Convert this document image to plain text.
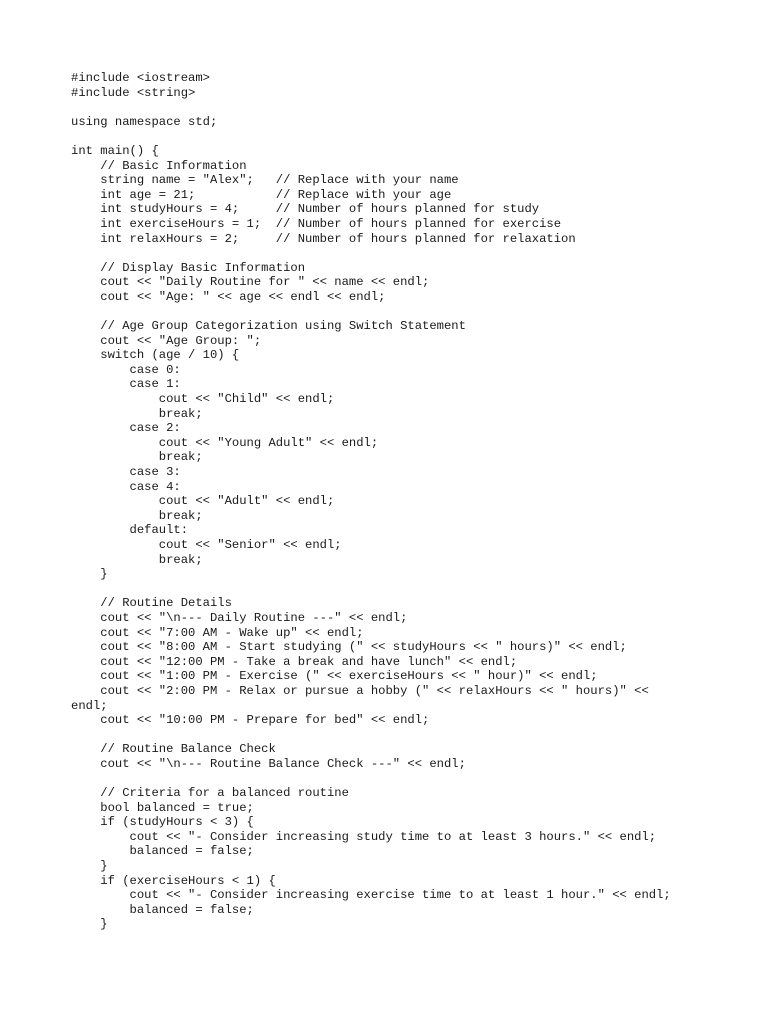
#include <iostream>
#include <string>
using namespace std;
int main() {
// Basic Information
string name = "Alex";   // Replace with your name
int age = 21;           // Replace with your age
int studyHours = 4;     // Number of hours planned for study
int exerciseHours = 1;  // Number of hours planned for exercise
int relaxHours = 2;     // Number of hours planned for relaxation
// Display Basic Information
cout << "Daily Routine for " << name << endl;
cout << "Age: " << age << endl << endl;
// Age Group Categorization using Switch Statement
cout << "Age Group: ";
switch (age / 10) {
case 0:
case 1:
cout << "Child" << endl;
break;
case 2:
cout << "Young Adult" << endl;
break;
case 3:
case 4:
cout << "Adult" << endl;
break;
default:
cout << "Senior" << endl;
break;
}
// Routine Details
cout << "\n--- Daily Routine ---" << endl;
cout << "7:00 AM - Wake up" << endl;
cout << "8:00 AM - Start studying (" << studyHours << " hours)" << endl;
cout << "12:00 PM - Take a break and have lunch" << endl;
cout << "1:00 PM - Exercise (" << exerciseHours << " hour)" << endl;
cout << "2:00 PM - Relax or pursue a hobby (" << relaxHours << " hours)" <<
endl;
cout << "10:00 PM - Prepare for bed" << endl;
// Routine Balance Check
cout << "\n--- Routine Balance Check ---" << endl;
// Criteria for a balanced routine
bool balanced = true;
if (studyHours < 3) {
cout << "- Consider increasing study time to at least 3 hours." << endl;
balanced = false;
}
if (exerciseHours < 1) {
cout << "- Consider increasing exercise time to at least 1 hour." << endl;
balanced = false;
}
